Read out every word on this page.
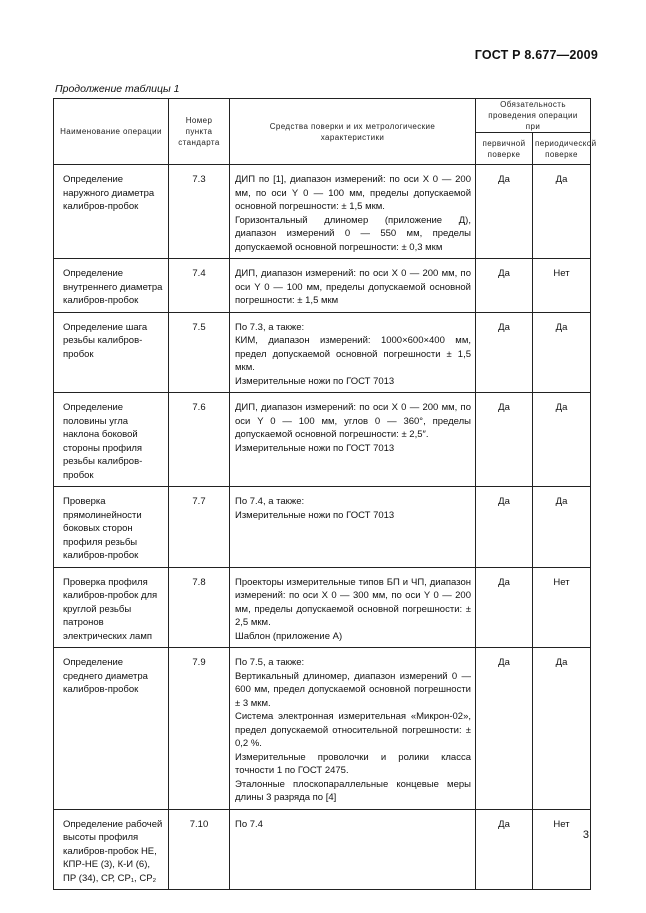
ГОСТ Р 8.677—2009
Продолжение таблицы 1
Наименование операции	Номер пункта стандарта	Средства поверки и их метрологические характеристики	Обязательность проведения операции при	
			первичной поверке	периодической поверке
Определение наружного диаметра калибров-пробок	7.3	ДИП по [1], диапазон измерений: по оси X 0 — 200 мм, по оси Y 0 — 100 мм, пределы допускаемой основной погрешности: ± 1,5 мкм.
Горизонтальный длиномер (приложение Д), диапазон измерений 0 — 550 мм, пределы допускаемой основной погрешности: ± 0,3 мкм	Да	Да
Определение внутреннего диаметра калибров-пробок	7.4	ДИП, диапазон измерений: по оси X 0 — 200 мм, по оси Y 0 — 100 мм, пределы допускаемой основной погрешности: ± 1,5 мкм	Да	Нет
Определение шага резьбы калибров-пробок	7.5	По 7.3, а также:
КИМ, диапазон измерений: 1000×600×400 мм, предел допускаемой основной погрешности ± 1,5 мкм.
Измерительные ножи по ГОСТ 7013	Да	Да
Определение половины угла наклона боковой стороны профиля резьбы калибров-пробок	7.6	ДИП, диапазон измерений: по оси X 0 — 200 мм, по оси Y 0 — 100 мм, углов 0 — 360°, пределы допускаемой основной погрешности: ± 2,5″.
Измерительные ножи по ГОСТ 7013	Да	Да
Проверка прямолинейности боковых сторон профиля резьбы калибров-пробок	7.7	По 7.4, а также:
Измерительные ножи по ГОСТ 7013	Да	Да
Проверка профиля калибров-пробок для круглой резьбы патронов электрических ламп	7.8	Проекторы измерительные типов БП и ЧП, диапазон измерений: по оси X 0 — 300 мм, по оси Y 0 — 200 мм, пределы допускаемой основной погрешности: ± 2,5 мкм.
Шаблон (приложение А)	Да	Нет
Определение среднего диаметра калибров-пробок	7.9	По 7.5, а также:
Вертикальный длиномер, диапазон измерений 0 — 600 мм, предел допускаемой основной погрешности ± 3 мкм.
Система электронная измерительная «Микрон-02», предел допускаемой относительной погрешности: ± 0,2 %.
Измерительные проволочки и ролики класса точности 1 по ГОСТ 2475.
Эталонные плоскопараллельные концевые меры длины 3 разряда по [4]	Да	Да
Определение рабочей высоты профиля калибров-пробок НЕ, КПР-НЕ (3), К-И (6), ПР (34), СР, СР₁, СР₂	7.10	По 7.4	Да	Нет
3
